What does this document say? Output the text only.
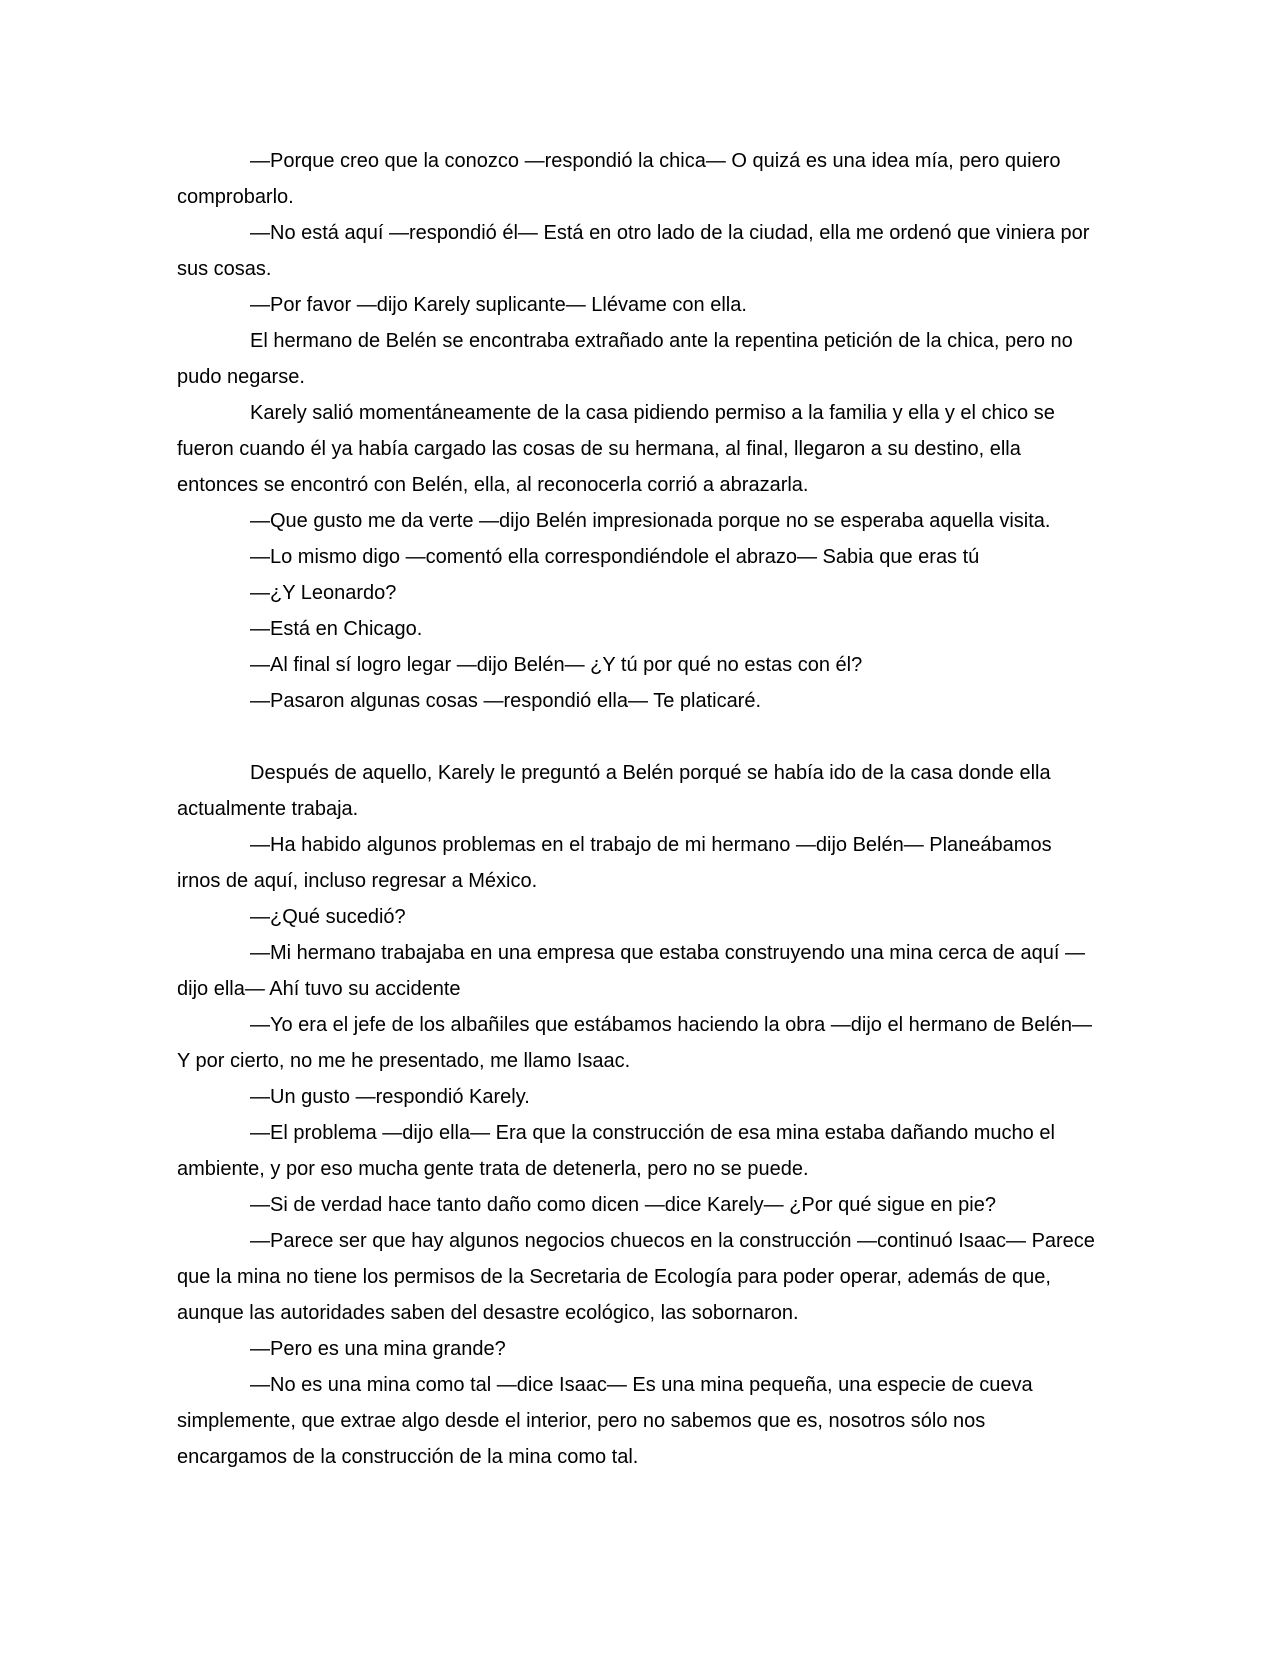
—Porque creo que la conozco —respondió la chica— O quizá es una idea mía, pero quiero comprobarlo.

—No está aquí —respondió él— Está en otro lado de la ciudad, ella me ordenó que viniera por sus cosas.

—Por favor —dijo Karely suplicante— Llévame con ella.

El hermano de Belén se encontraba extrañado ante la repentina petición de la chica, pero no pudo negarse.

Karely salió momentáneamente de la casa pidiendo permiso a la familia y ella y el chico se fueron cuando él ya había cargado las cosas de su hermana, al final, llegaron a su destino, ella entonces se encontró con Belén, ella, al reconocerla corrió a abrazarla.

—Que gusto me da verte —dijo Belén impresionada porque no se esperaba aquella visita.

—Lo mismo digo —comentó ella correspondiéndole el abrazo— Sabia que eras tú

—¿Y Leonardo?

—Está en Chicago.

—Al final sí logro legar —dijo Belén— ¿Y tú por qué no estas con él?

—Pasaron algunas cosas —respondió ella— Te platicaré.

Después de aquello, Karely le preguntó a Belén porqué se había ido de la casa donde ella actualmente trabaja.

—Ha habido algunos problemas en el trabajo de mi hermano —dijo Belén— Planeábamos irnos de aquí, incluso regresar a México.

—¿Qué sucedió?

—Mi hermano trabajaba en una empresa que estaba construyendo una mina cerca de aquí —dijo ella— Ahí tuvo su accidente

—Yo era el jefe de los albañiles que estábamos haciendo la obra —dijo el hermano de Belén— Y por cierto, no me he presentado, me llamo Isaac.

—Un gusto —respondió Karely.

—El problema —dijo ella— Era que la construcción de esa mina estaba dañando mucho el ambiente, y por eso mucha gente trata de detenerla, pero no se puede.

—Si de verdad hace tanto daño como dicen —dice Karely— ¿Por qué sigue en pie?

—Parece ser que hay algunos negocios chuecos en la construcción —continuó Isaac— Parece que la mina no tiene los permisos de la Secretaria de Ecología para poder operar, además de que, aunque las autoridades saben del desastre ecológico, las sobornaron.

—Pero es una mina grande?

—No es una mina como tal —dice Isaac— Es una mina pequeña, una especie de cueva simplemente, que extrae algo desde el interior, pero no sabemos que es, nosotros sólo nos encargamos de la construcción de la mina como tal.
